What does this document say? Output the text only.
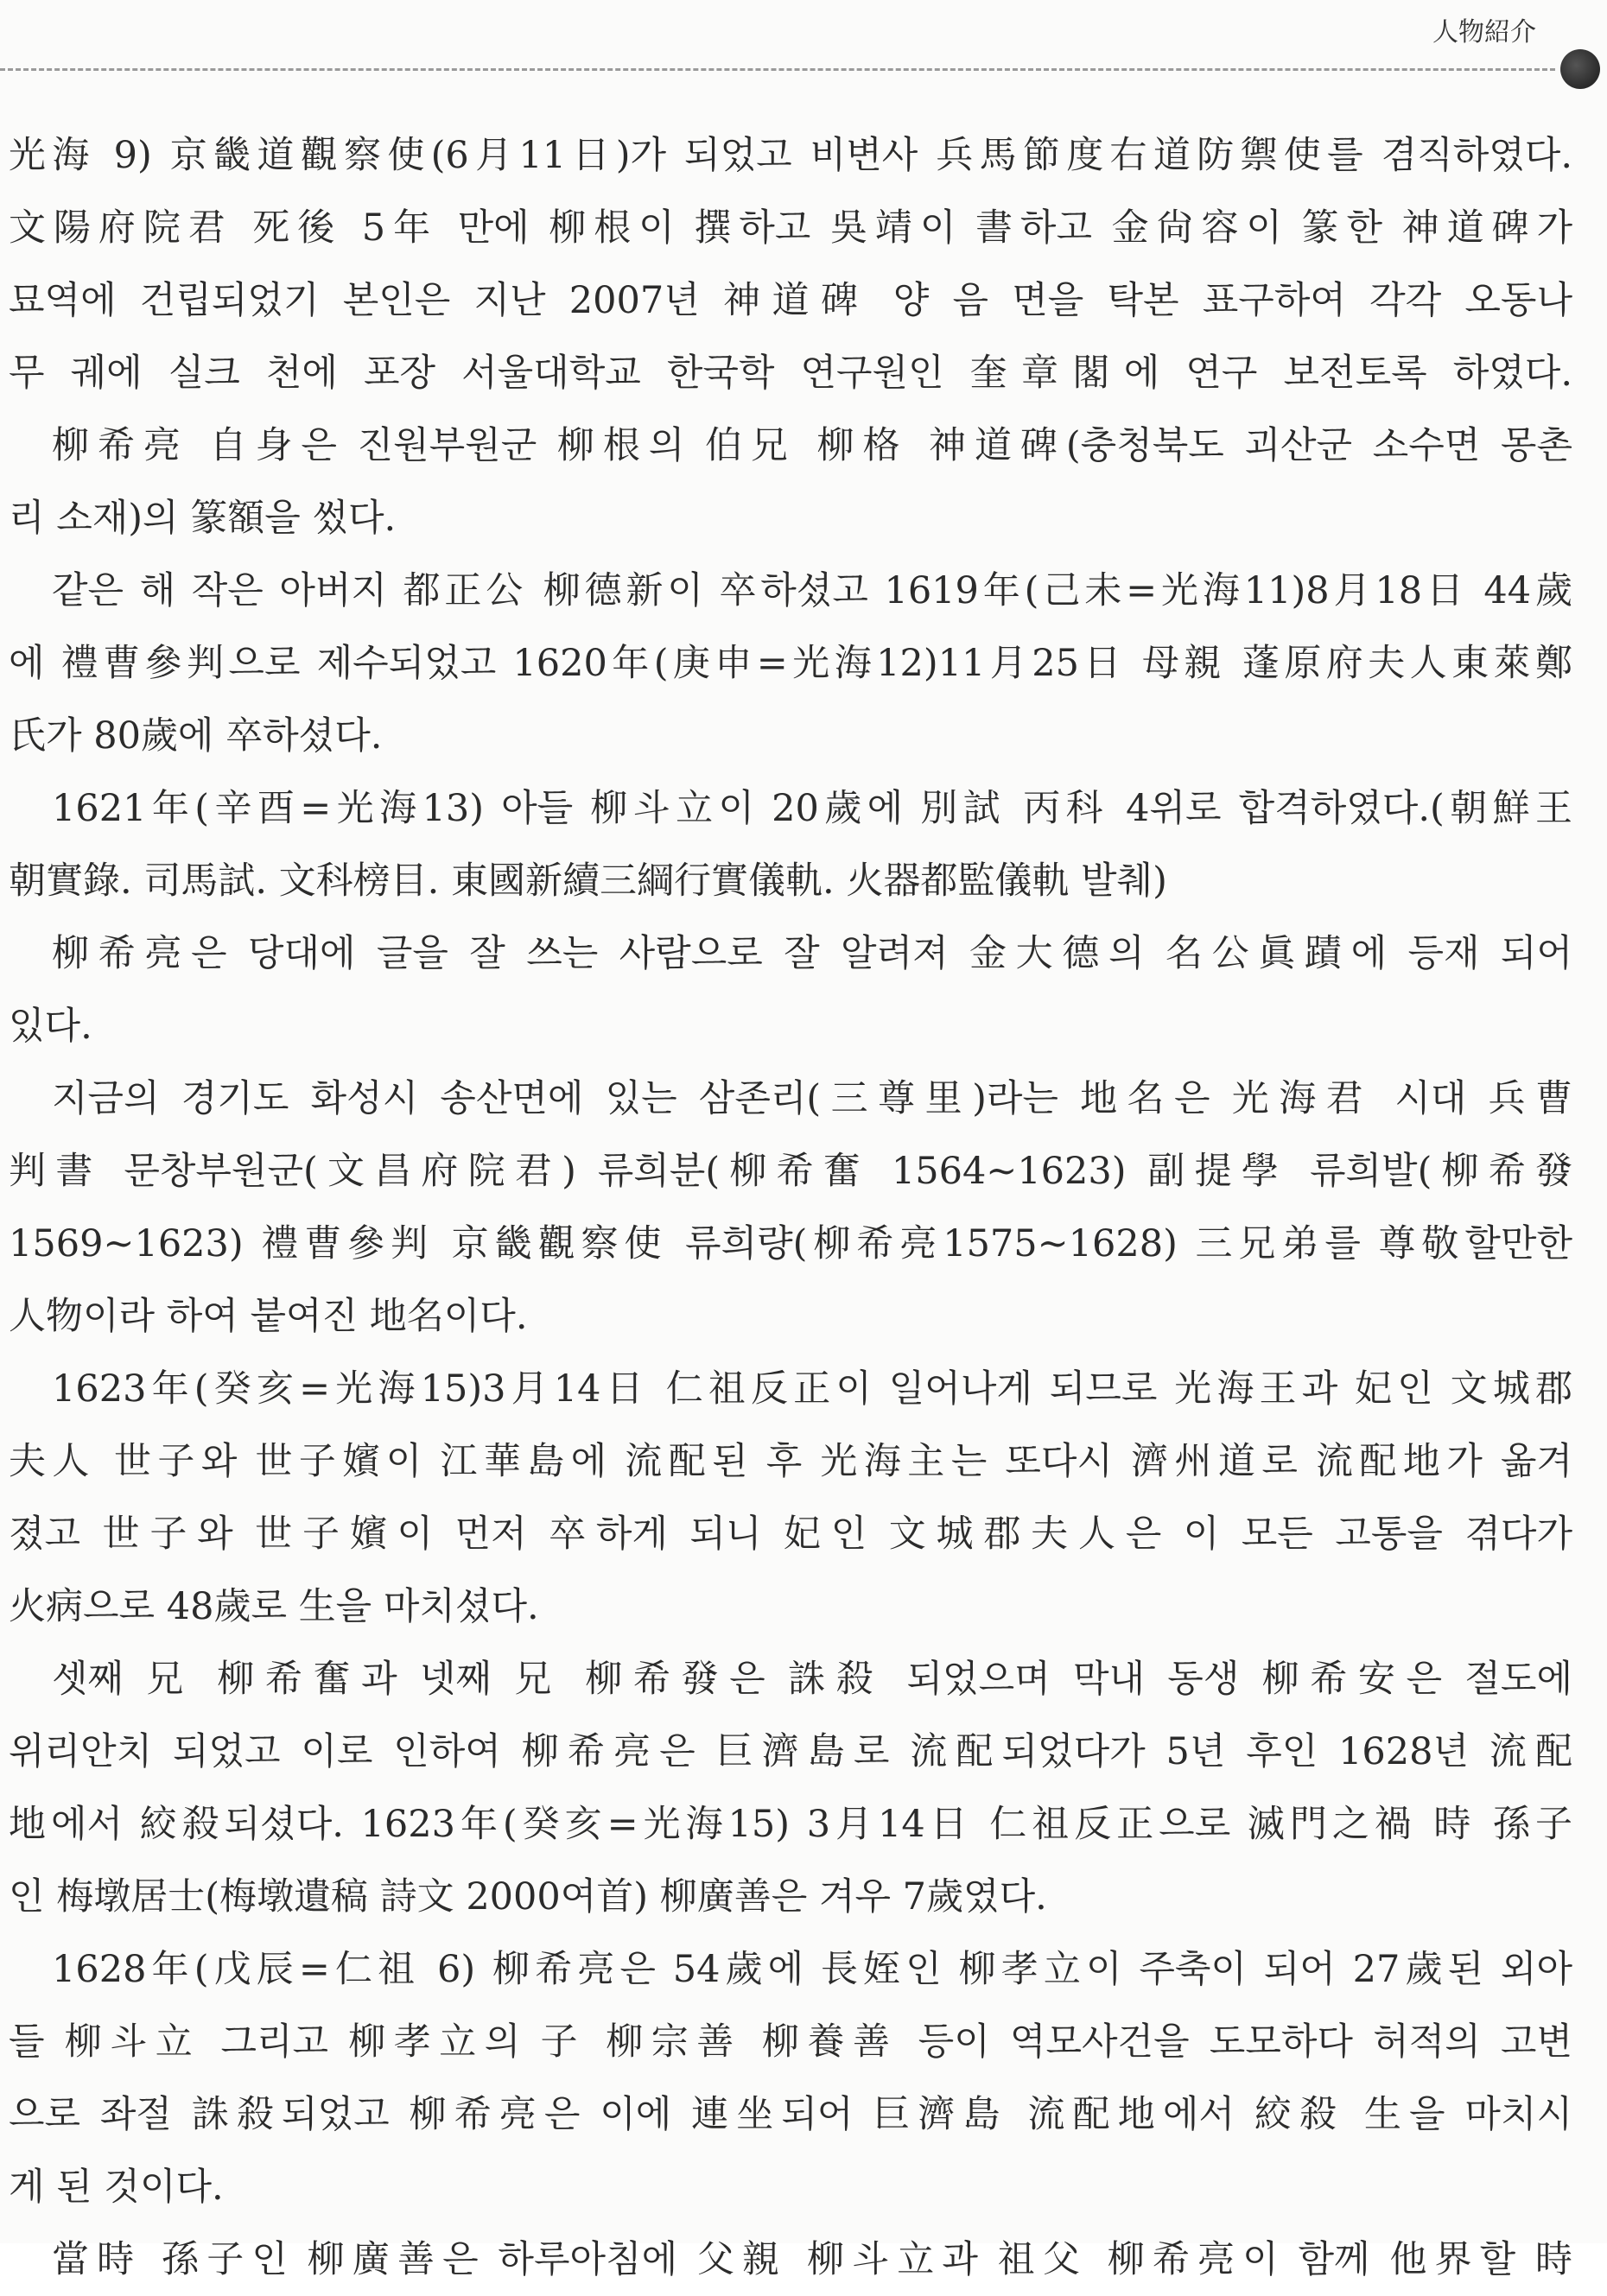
人物紹介
光海 9) 京畿道觀察使(6月11日)가 되었고 비변사 兵馬節度右道防禦使를 겸직하였다.
文陽府院君 死後 5年 만에 柳根이 撰하고 吳靖이 書하고 金尙容이 篆한 神道碑가
묘역에 건립되었기 본인은 지난 2007년 神道碑 양 음 면을 탁본 표구하여 각각 오동나
무 궤에 실크 천에 포장 서울대학교 한국학 연구원인 奎章閣에 연구 보전토록 하였다.
柳希亮 自身은 진원부원군 柳根의 伯兄 柳格 神道碑(충청북도 괴산군 소수면 몽촌
리 소재)의 篆額을 썼다.
같은 해 작은 아버지 都正公 柳德新이 卒하셨고 1619年(己未=光海11)8月18日 44歲
에 禮曹參判으로 제수되었고 1620年(庚申=光海12)11月25日 母親 蓬原府夫人東萊鄭
氏가 80歲에 卒하셨다.
1621年(辛酉=光海13) 아들 柳斗立이 20歲에 別試 丙科 4위로 합격하였다.(朝鮮王
朝實錄. 司馬試. 文科榜目. 東國新續三綱行實儀軌. 火器都監儀軌 발췌)
柳希亮은 당대에 글을 잘 쓰는 사람으로 잘 알려져 金大德의 名公眞蹟에 등재 되어
있다.
지금의 경기도 화성시 송산면에 있는 삼존리(三尊里)라는 地名은 光海君 시대 兵曹
判書 문창부원군(文昌府院君) 류희분(柳希奮 1564~1623) 副提學 류희발(柳希發
1569~1623) 禮曹參判 京畿觀察使 류희량(柳希亮1575~1628) 三兄弟를 尊敬할만한
人物이라 하여 붙여진 地名이다.
1623年(癸亥=光海15)3月14日 仁祖反正이 일어나게 되므로 光海王과 妃인 文城郡
夫人 世子와 世子嬪이 江華島에 流配된 후 光海主는 또다시 濟州道로 流配地가 옮겨
졌고 世子와 世子嬪이 먼저 卒하게 되니 妃인 文城郡夫人은 이 모든 고통을 겪다가
火病으로 48歲로 生을 마치셨다.
셋째 兄 柳希奮과 넷째 兄 柳希發은 誅殺 되었으며 막내 동생 柳希安은 절도에
위리안치 되었고 이로 인하여 柳希亮은 巨濟島로 流配되었다가 5년 후인 1628년 流配
地에서 絞殺되셨다. 1623年(癸亥=光海15) 3月14日 仁祖反正으로 滅門之禍 時 孫子
인 梅墩居士(梅墩遺稿 詩文 2000여首) 柳廣善은 겨우 7歲였다.
1628年(戊辰=仁祖 6) 柳希亮은 54歲에 長姪인 柳孝立이 주축이 되어 27歲된 외아
들 柳斗立 그리고 柳孝立의 子 柳宗善 柳養善 등이 역모사건을 도모하다 허적의 고변
으로 좌절 誅殺되었고 柳希亮은 이에 連坐되어 巨濟島 流配地에서 絞殺 生을 마치시
게 된 것이다.
當時 孫子인 柳廣善은 하루아침에 父親 柳斗立과 祖父 柳希亮이 함께 他界할 時
